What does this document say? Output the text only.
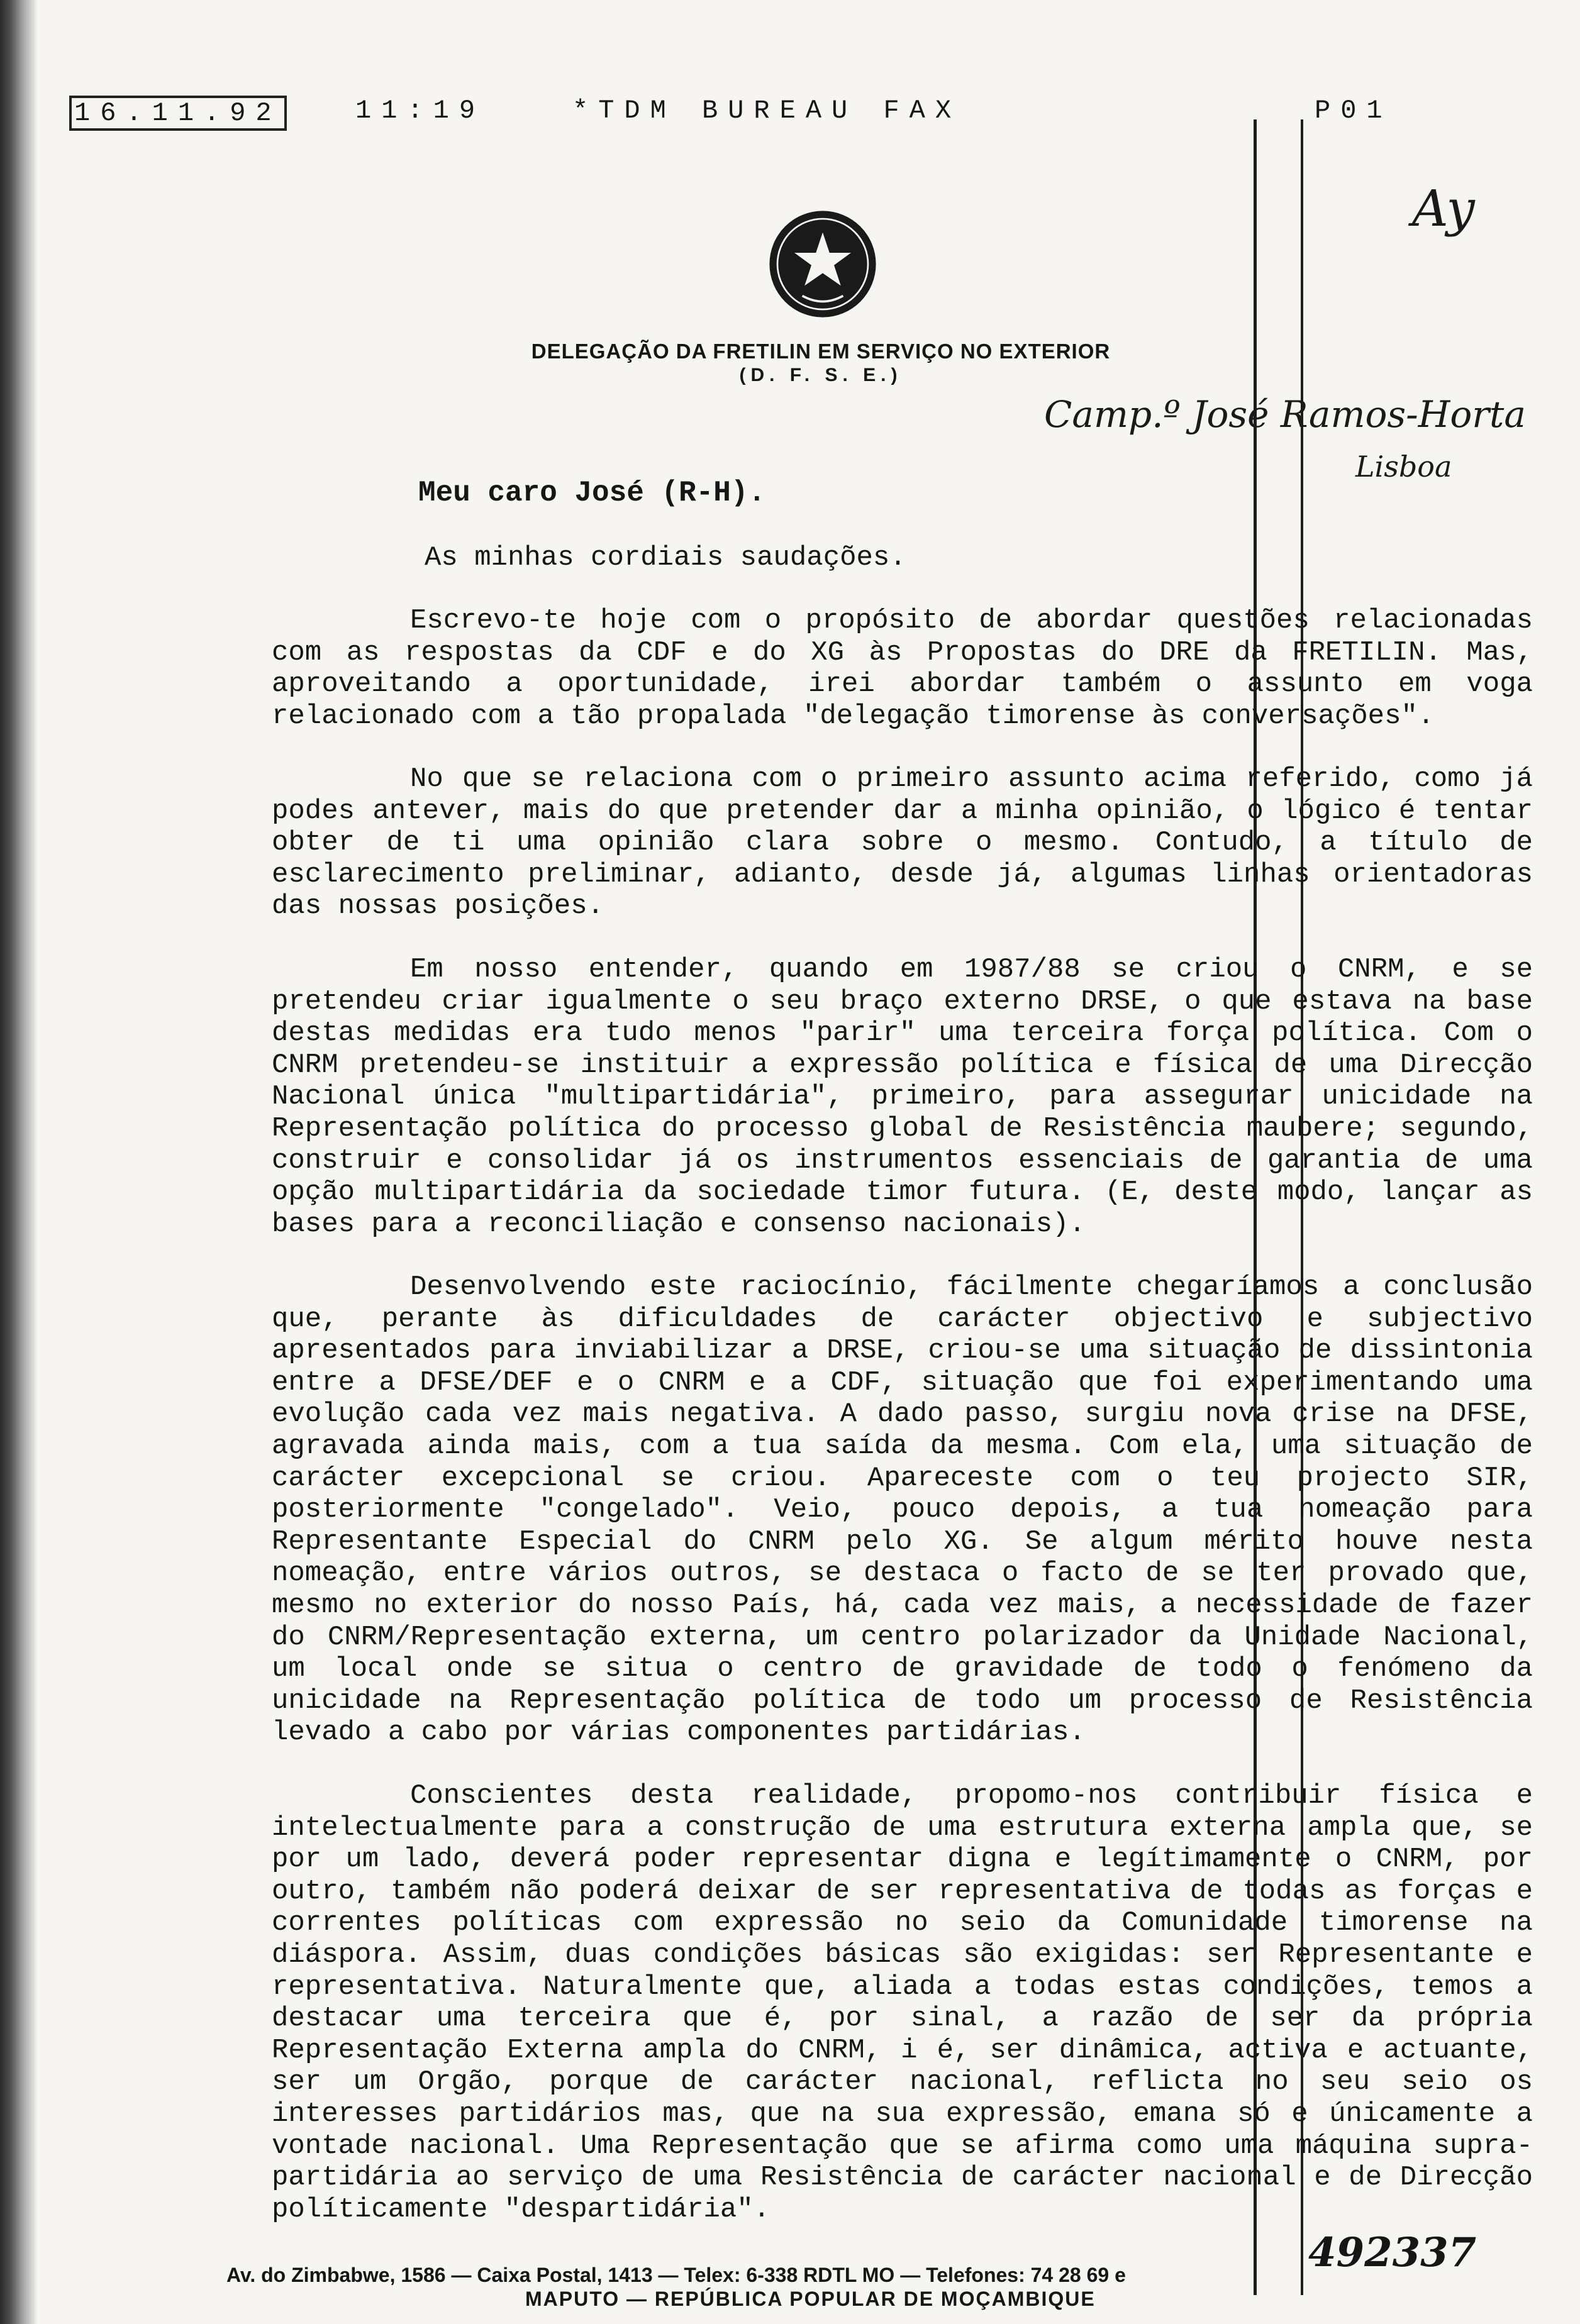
16.11.92	11:19	*TDM BUREAU FAX	P01
DELEGAÇÃO DA FRETILIN EM SERVIÇO NO EXTERIOR
(D. F. S. E.)
Ay
Camp.º José Ramos-Horta
Lisboa
Meu caro José (R-H).
As minhas cordiais saudações.

Escrevo-te hoje com o propósito de abordar questões relacionadas com as respostas da CDF e do XG às Propostas do DRE da FRETILIN. Mas, aproveitando a oportunidade, irei abordar também o assunto em voga relacionado com a tão propalada "delegação timorense às conversações".

No que se relaciona com o primeiro assunto acima referido, como já podes antever, mais do que pretender dar a minha opinião, o lógico é tentar obter de ti uma opinião clara sobre o mesmo. Contudo, a título de esclarecimento preliminar, adianto, desde já, algumas linhas orientadoras das nossas posições.

Em nosso entender, quando em 1987/88 se criou o CNRM, e se pretendeu criar igualmente o seu braço externo DRSE, o que estava na base destas medidas era tudo menos "parir" uma terceira força política. Com o CNRM pretendeu-se instituir a expressão política e física de uma Direcção Nacional única "multipartidária", primeiro, para assegurar unicidade na Representação política do processo global de Resistência maubere; segundo, construir e consolidar já os instrumentos essenciais de garantia de uma opção multipartidária da sociedade timor futura. (E, deste modo, lançar as bases para a reconciliação e consenso nacionais).

Desenvolvendo este raciocínio, fácilmente chegaríamos a conclusão que, perante às dificuldades de carácter objectivo e subjectivo apresentados para inviabilizar a DRSE, criou-se uma situação de dissintonia entre a DFSE/DEF e o CNRM e a CDF, situação que foi experimentando uma evolução cada vez mais negativa. A dado passo, surgiu nova crise na DFSE, agravada ainda mais, com a tua saída da mesma. Com ela, uma situação de carácter excepcional se criou. Apareceste com o teu projecto SIR, posteriormente "congelado". Veio, pouco depois, a tua nomeação para Representante Especial do CNRM pelo XG. Se algum mérito houve nesta nomeação, entre vários outros, se destaca o facto de se ter provado que, mesmo no exterior do nosso País, há, cada vez mais, a necessidade de fazer do CNRM/Representação externa, um centro polarizador da Unidade Nacional, um local onde se situa o centro de gravidade de todo o fenómeno da unicidade na Representação política de todo um processo de Resistência levado a cabo por várias componentes partidárias.

Conscientes desta realidade, propomo-nos contribuir física e intelectualmente para a construção de uma estrutura externa ampla que, se por um lado, deverá poder representar digna e legítimamente o CNRM, por outro, também não poderá deixar de ser representativa de todas as forças e correntes políticas com expressão no seio da Comunidade timorense na diáspora. Assim, duas condições básicas são exigidas: ser Representante e representativa. Naturalmente que, aliada a todas estas condições, temos a destacar uma terceira que é, por sinal, a razão de ser da própria Representação Externa ampla do CNRM, i é, ser dinâmica, activa e actuante, ser um Orgão, porque de carácter nacional, reflicta no seu seio os interesses partidários mas, que na sua expressão, emana só e únicamente a vontade nacional. Uma Representação que se afirma como uma máquina supra-partidária ao serviço de uma Resistência de carácter nacional e de Direcção políticamente "despartidária".

Av. do Zimbabwe, 1586 — Caixa Postal, 1413 — Telex: 6-338 RDTL MO — Telefones: 74 28 69 e
MAPUTO — REPÚBLICA POPULAR DE MOÇAMBIQUE
492337
